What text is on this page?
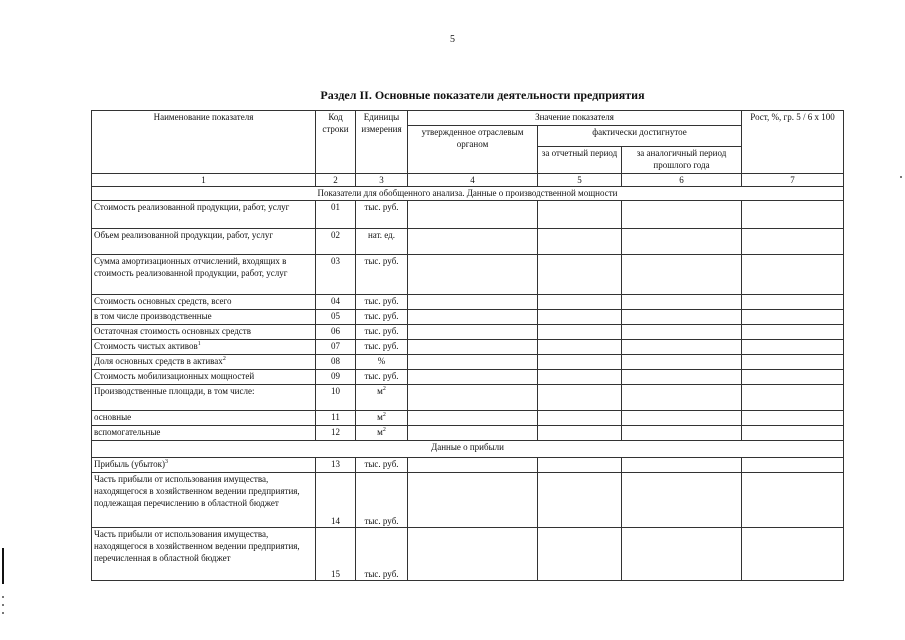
5
Раздел II. Основные показатели деятельности предприятия
Наименование показателя	Код строки	Единицы измерения	Значение показателя			Рост, %, гр. 5 / 6 х 100
			утвержденное отраслевым органом	фактически достигнутое		
				за отчетный период	за аналогичный период прошлого года	
1	2	3	4	5	6	7
Показатели для обобщенного анализа. Данные о производственной мощности						
Стоимость реализованной продукции, работ, услуг	01	тыс. руб.				
Объем реализованной продукции, работ, услуг	02	нат. ед.				
Сумма амортизационных отчислений, входящих в стоимость реализованной продукции, работ, услуг	03	тыс. руб.				
Стоимость основных средств, всего	04	тыс. руб.				
в том числе производственные	05	тыс. руб.				
Остаточная стоимость основных средств	06	тыс. руб.				
Стоимость чистых активов$^1$	07	тыс. руб.				
Доля основных средств в активах$^2$	08	%				
Стоимость мобилизационных мощностей	09	тыс. руб.				
Производственные площади, в том числе:	10	$м^2$				
основные	11	$м^2$				
вспомогательные	12	$м^2$				
Данные о прибыли						
Прибыль (убыток)$^3$	13	тыс. руб.				
Часть прибыли от использования имущества, находящегося в хозяйственном ведении предприятия, подлежащая перечислению в областной бюджет	14	тыс. руб.				
Часть прибыли от использования имущества, находящегося в хозяйственном ведении предприятия, перечисленная в областной бюджет	15	тыс. руб.				
